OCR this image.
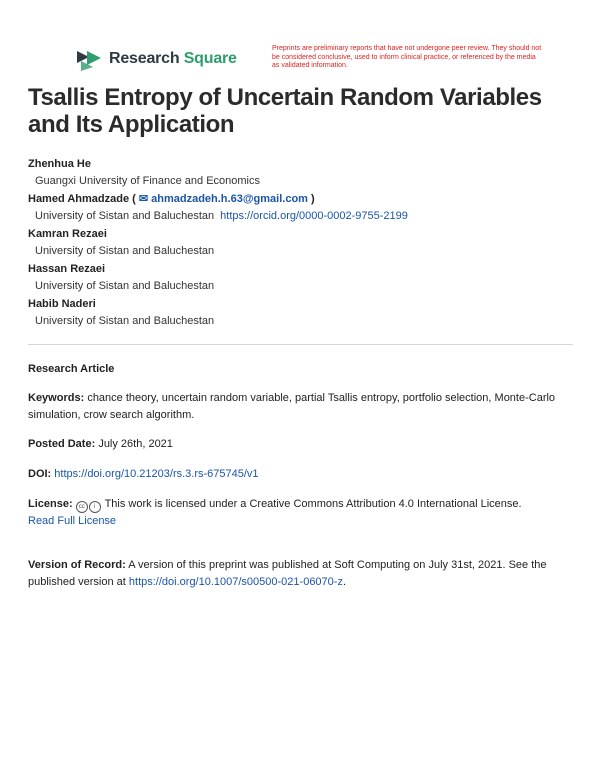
Research Square
Preprints are preliminary reports that have not undergone peer review. They should not be considered conclusive, used to inform clinical practice, or referenced by the media as validated information.
Tsallis Entropy of Uncertain Random Variables and Its Application
Zhenhua He
Guangxi University of Finance and Economics
Hamed Ahmadzade ( ✉ ahmadzadeh.h.63@gmail.com )
University of Sistan and Baluchestan https://orcid.org/0000-0002-9755-2199
Kamran Rezaei
University of Sistan and Baluchestan
Hassan Rezaei
University of Sistan and Baluchestan
Habib Naderi
University of Sistan and Baluchestan
Research Article
Keywords: chance theory, uncertain random variable, partial Tsallis entropy, portfolio selection, Monte-Carlo simulation, crow search algorithm.
Posted Date: July 26th, 2021
DOI: https://doi.org/10.21203/rs.3.rs-675745/v1
License: cc i This work is licensed under a Creative Commons Attribution 4.0 International License.
Read Full License
Version of Record: A version of this preprint was published at Soft Computing on July 31st, 2021. See the published version at https://doi.org/10.1007/s00500-021-06070-z.
